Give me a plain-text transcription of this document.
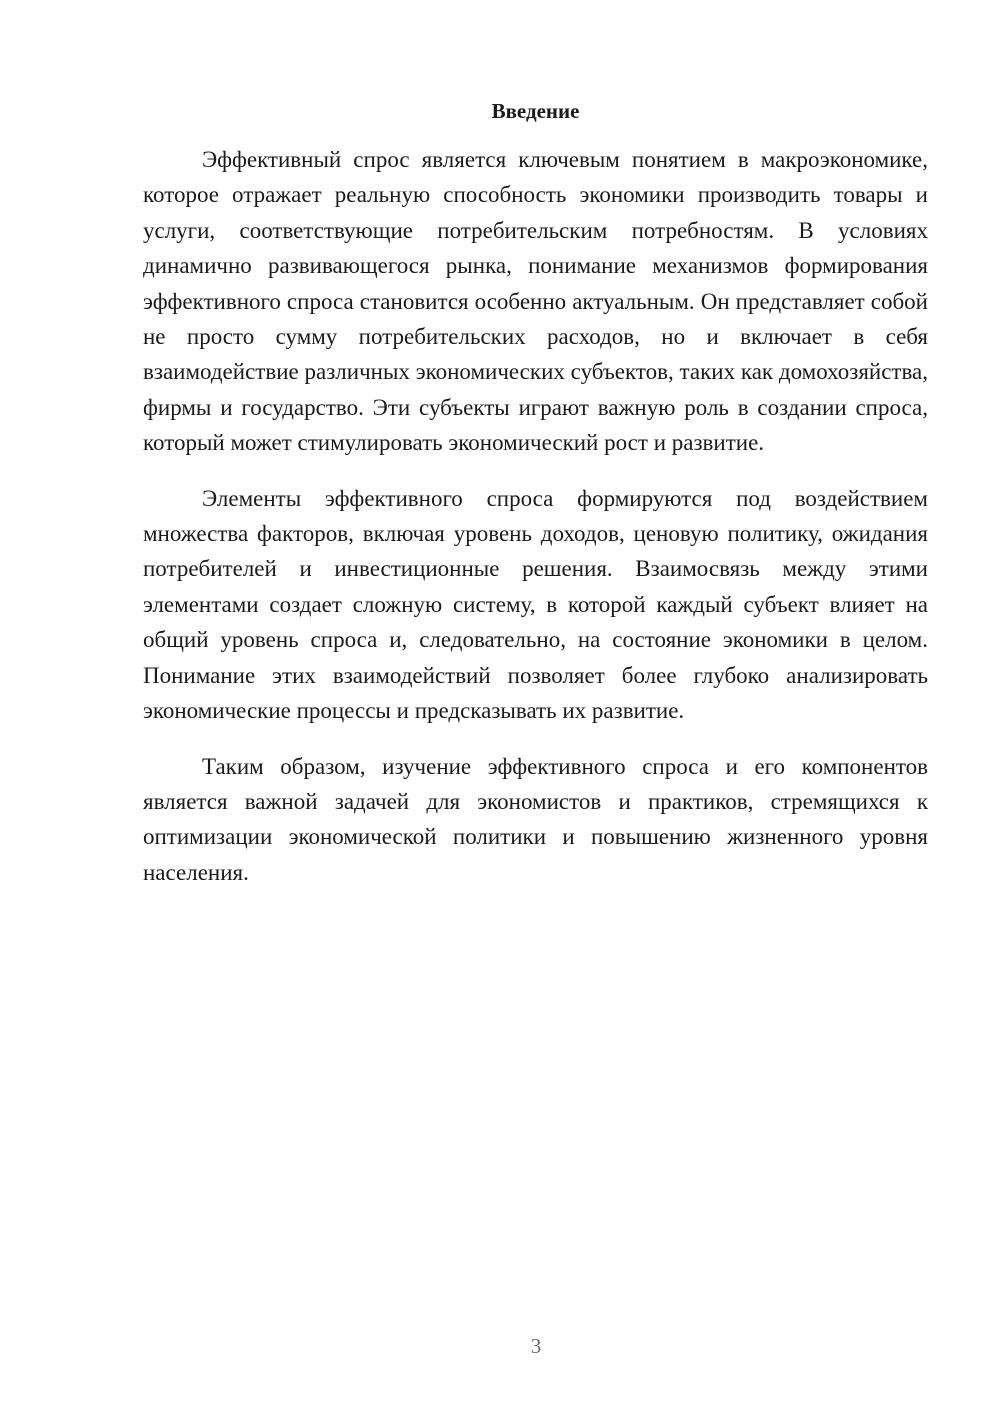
Введение

Эффективный спрос является ключевым понятием в макроэкономике, которое отражает реальную способность экономики производить товары и услуги, соответствующие потребительским потребностям. В условиях динамично развивающегося рынка, понимание механизмов формирования эффективного спроса становится особенно актуальным. Он представляет собой не просто сумму потребительских расходов, но и включает в себя взаимодействие различных экономических субъектов, таких как домохозяйства, фирмы и государство. Эти субъекты играют важную роль в создании спроса, который может стимулировать экономический рост и развитие.

Элементы эффективного спроса формируются под воздействием множества факторов, включая уровень доходов, ценовую политику, ожидания потребителей и инвестиционные решения. Взаимосвязь между этими элементами создает сложную систему, в которой каждый субъект влияет на общий уровень спроса и, следовательно, на состояние экономики в целом. Понимание этих взаимодействий позволяет более глубоко анализировать экономические процессы и предсказывать их развитие.

Таким образом, изучение эффективного спроса и его компонентов является важной задачей для экономистов и практиков, стремящихся к оптимизации экономической политики и повышению жизненного уровня населения.

3
